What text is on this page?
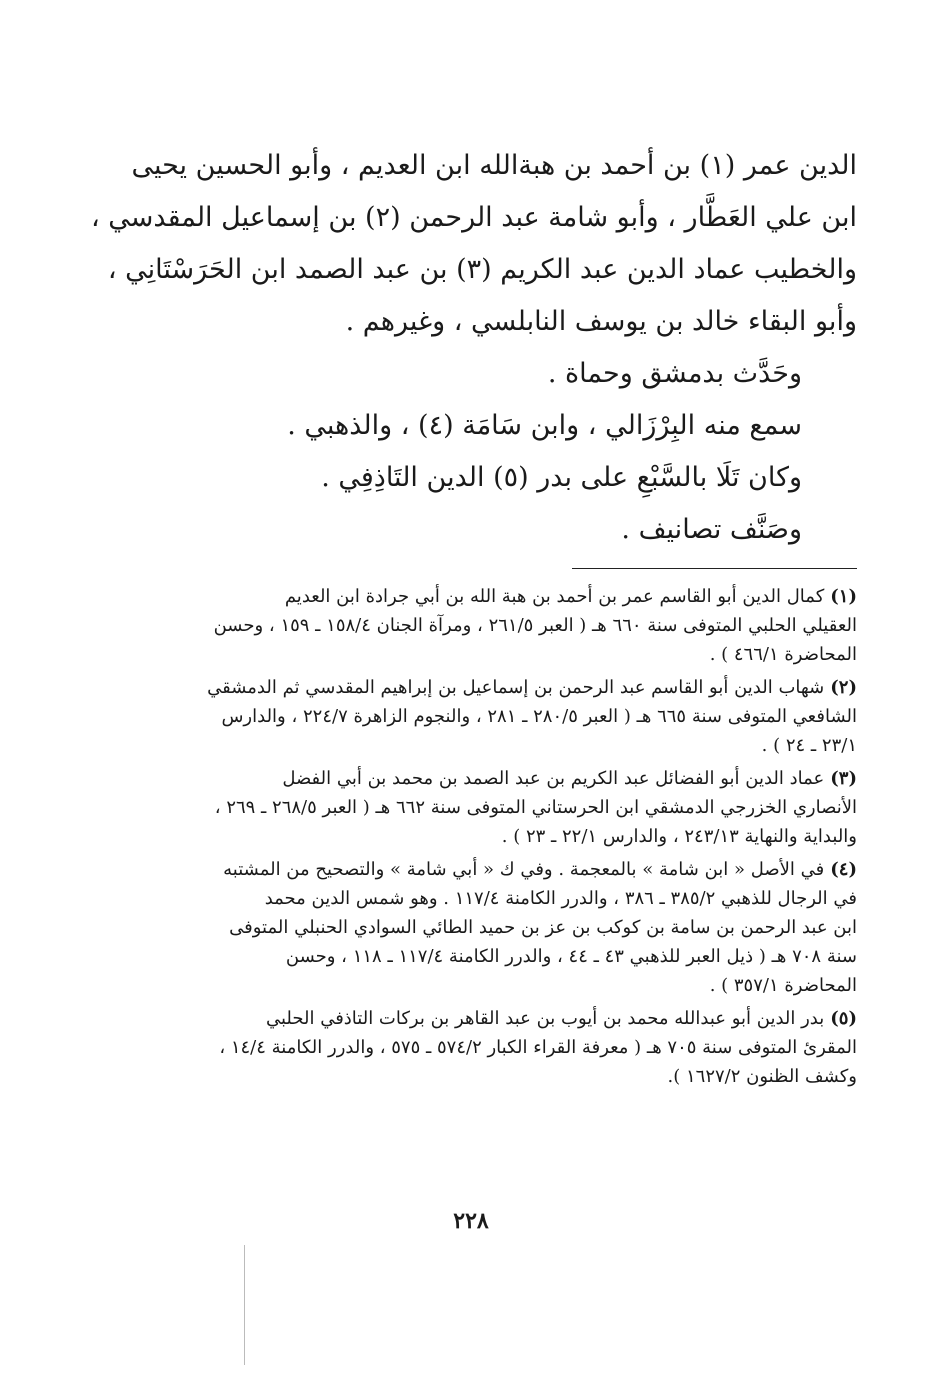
الدين عمر (١) بن أحمد بن هبةالله ابن العديم ، وأبو الحسين يحيى
ابن علي العَطَّار ، وأبو شامة عبد الرحمن (٢) بن إسماعيل المقدسي ،
والخطيب عماد الدين عبد الكريم (٣) بن عبد الصمد ابن الحَرَسْتَانِي ،
وأبو البقاء خالد بن يوسف النابلسي ، وغيرهم .
وحَدَّث بدمشق وحماة .
سمع منه البِرْزَالي ، وابن سَامَة (٤) ، والذهبي .
وكان تَلَا بالسَّبْعِ على بدر (٥) الدين التَاذِفِي .
وصَنَّف تصانيف .
(١)كمال الدين أبو القاسم عمر بن أحمد بن هبة الله بن أبي جرادة ابن العديم
العقيلي الحلبي المتوفى سنة ٦٦٠ هـ ( العبر ٢٦١/٥ ، ومرآة الجنان ١٥٨/٤ ـ ١٥٩ ، وحسن
المحاضرة ٤٦٦/١ ) .
(٢)شهاب الدين أبو القاسم عبد الرحمن بن إسماعيل بن إبراهيم المقدسي ثم الدمشقي
الشافعي المتوفى سنة ٦٦٥ هـ ( العبر ٢٨٠/٥ ـ ٢٨١ ، والنجوم الزاهرة ٢٢٤/٧ ، والدارس
٢٣/١ ـ ٢٤ ) .
(٣)عماد الدين أبو الفضائل عبد الكريم بن عبد الصمد بن محمد بن أبي الفضل
الأنصاري الخزرجي الدمشقي ابن الحرستاني المتوفى سنة ٦٦٢ هـ ( العبر ٢٦٨/٥ ـ ٢٦٩ ،
والبداية والنهاية ٢٤٣/١٣ ، والدارس ٢٢/١ ـ ٢٣ ) .
(٤)في الأصل « ابن شامة » بالمعجمة . وفي ك « أبي شامة » والتصحيح من المشتبه
في الرجال للذهبي ٣٨٥/٢ ـ ٣٨٦ ، والدرر الكامنة ١١٧/٤ . وهو شمس الدين محمد
ابن عبد الرحمن بن سامة بن كوكب بن عز بن حميد الطائي السوادي الحنبلي المتوفى
سنة ٧٠٨ هـ ( ذيل العبر للذهبي ٤٣ ـ ٤٤ ، والدرر الكامنة ١١٧/٤ ـ ١١٨ ، وحسن
المحاضرة ٣٥٧/١ ) .
(٥)بدر الدين أبو عبدالله محمد بن أيوب بن عبد القاهر بن بركات التاذفي الحلبي
المقرئ المتوفى سنة ٧٠٥ هـ ( معرفة القراء الكبار ٥٧٤/٢ ـ ٥٧٥ ، والدرر الكامنة ١٤/٤ ،
وكشف الظنون ١٦٢٧/٢ ).
٢٢٨
